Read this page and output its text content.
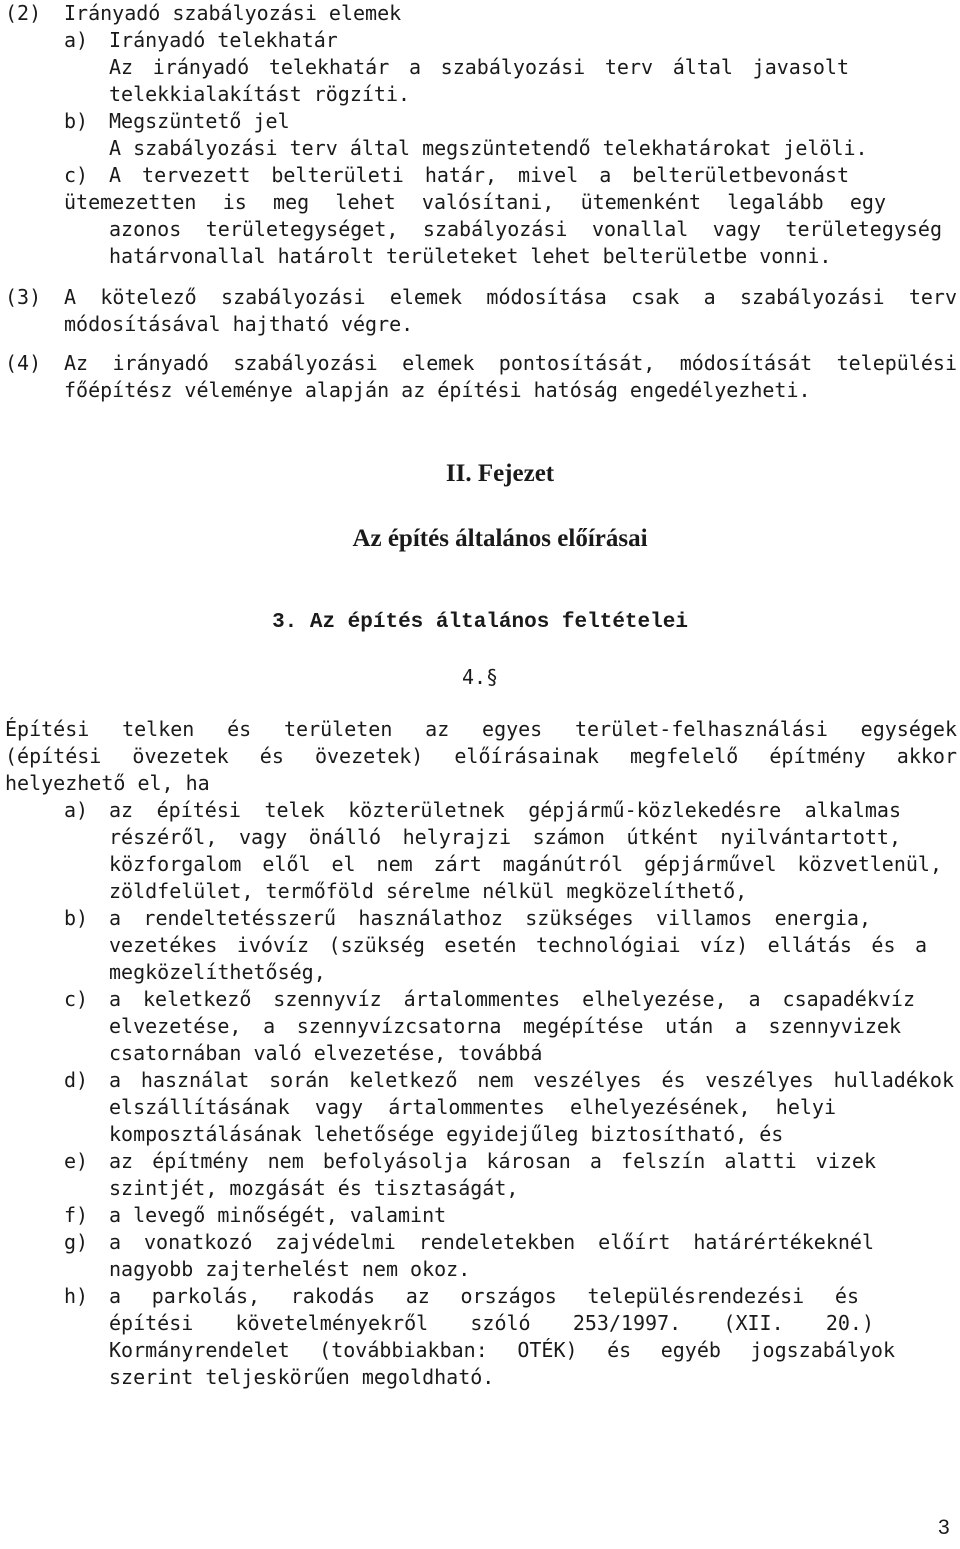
(2) Irányadó szabályozási elemek
a) Irányadó telekhatár
Az irányadó telekhatár a szabályozási terv által javasolt
telekkialakítást rögzíti.
b) Megszüntető jel
A szabályozási terv által megszüntetendő telekhatárokat jelöli.
c) A tervezett belterületi határ, mivel a belterületbevonást
ütemezetten is meg lehet valósítani, ütemenként legalább egy
azonos területegységet, szabályozási vonallal vagy területegység
határvonallal határolt területeket lehet belterületbe vonni.
(3) A kötelező szabályozási elemek módosítása csak a szabályozási terv
módosításával hajtható végre.
(4) Az irányadó szabályozási elemek pontosítását, módosítását települési
főépítész véleménye alapján az építési hatóság engedélyezheti.
II. Fejezet
Az építés általános előírásai
3. Az építés általános feltételei
4.§
Építési telken és területen az egyes terület-felhasználási egységek
(építési övezetek és övezetek) előírásainak megfelelő építmény akkor
helyezhető el, ha
a) az építési telek közterületnek gépjármű-közlekedésre alkalmas
részéről, vagy önálló helyrajzi számon útként nyilvántartott,
közforgalom elől el nem zárt magánútról gépjárművel közvetlenül,
zöldfelület, termőföld sérelme nélkül megközelíthető,
b) a rendeltetésszerű használathoz szükséges villamos energia,
vezetékes ivóvíz (szükség esetén technológiai víz) ellátás és a
megközelíthetőség,
c) a keletkező szennyvíz ártalommentes elhelyezése, a csapadékvíz
elvezetése, a szennyvízcsatorna megépítése után a szennyvizek
csatornában való elvezetése, továbbá
d) a használat során keletkező nem veszélyes és veszélyes hulladékok
elszállításának vagy ártalommentes elhelyezésének, helyi
komposztálásának lehetősége egyidejűleg biztosítható, és
e) az építmény nem befolyásolja károsan a felszín alatti vizek
szintjét, mozgását és tisztaságát,
f) a levegő minőségét, valamint
g) a vonatkozó zajvédelmi rendeletekben előírt határértékeknél
nagyobb zajterhelést nem okoz.
h) a parkolás, rakodás az országos településrendezési és
építési követelményekről szóló 253/1997. (XII. 20.)
Kormányrendelet (továbbiakban: OTÉK) és egyéb jogszabályok
szerint teljeskörűen megoldható.
3
